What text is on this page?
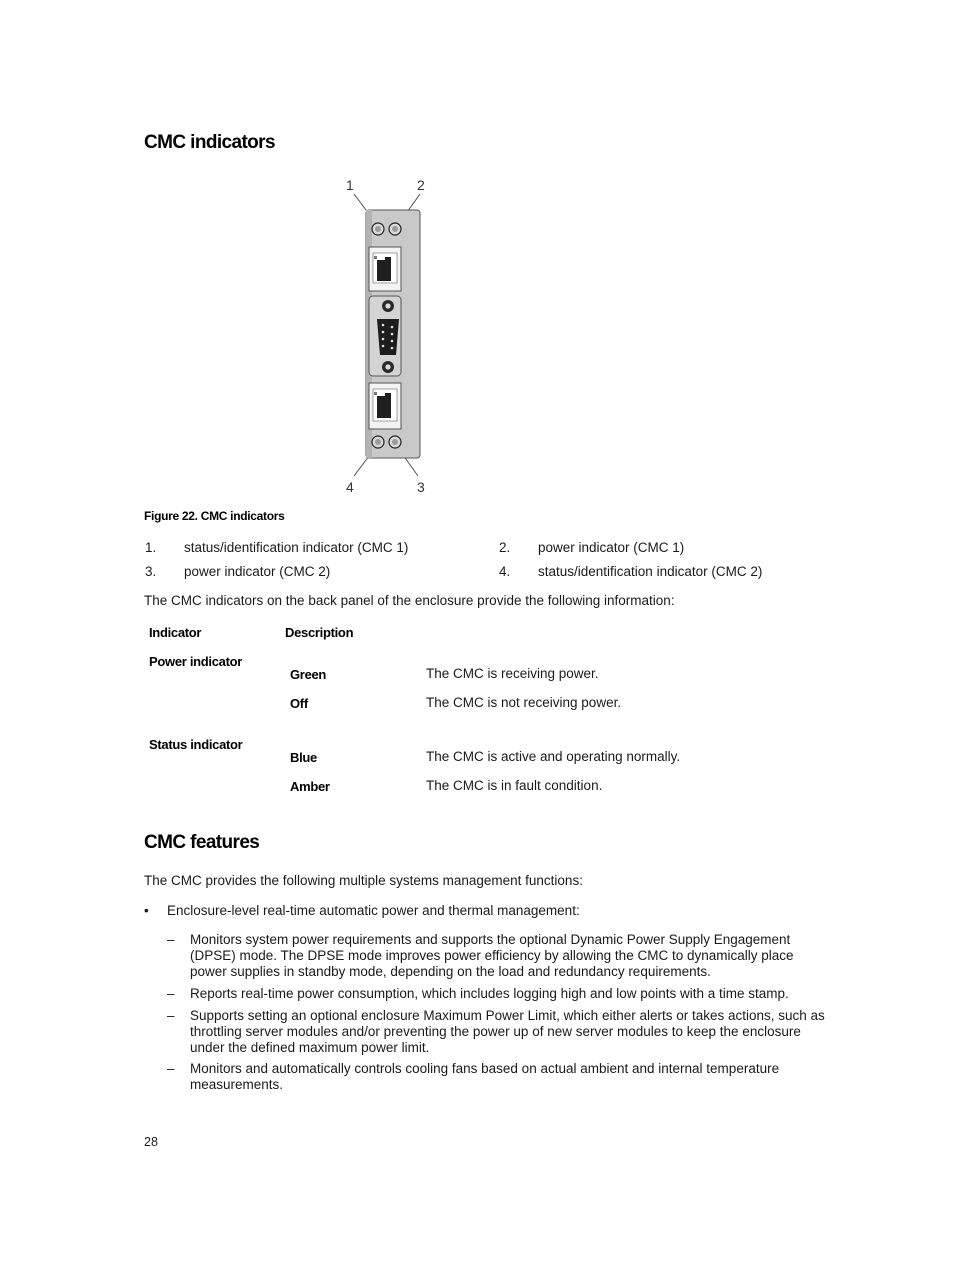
CMC indicators
1	2
3
4
Figure 22. CMC indicators
1. status/identification indicator (CMC 1)	2. power indicator (CMC 1)
3. power indicator (CMC 2)	4. status/identification indicator (CMC 2)
The CMC indicators on the back panel of the enclosure provide the following information:
Indicator	Description
Power indicator
Green	The CMC is receiving power.
Off	The CMC is not receiving power.
Status indicator
Blue	The CMC is active and operating normally.
Amber	The CMC is in fault condition.
CMC features
The CMC provides the following multiple systems management functions:
• Enclosure-level real-time automatic power and thermal management:
– Monitors system power requirements and supports the optional Dynamic Power Supply Engagement (DPSE) mode. The DPSE mode improves power efficiency by allowing the CMC to dynamically place power supplies in standby mode, depending on the load and redundancy requirements.
– Reports real-time power consumption, which includes logging high and low points with a time stamp.
– Supports setting an optional enclosure Maximum Power Limit, which either alerts or takes actions, such as throttling server modules and/or preventing the power up of new server modules to keep the enclosure under the defined maximum power limit.
– Monitors and automatically controls cooling fans based on actual ambient and internal temperature measurements.
28
